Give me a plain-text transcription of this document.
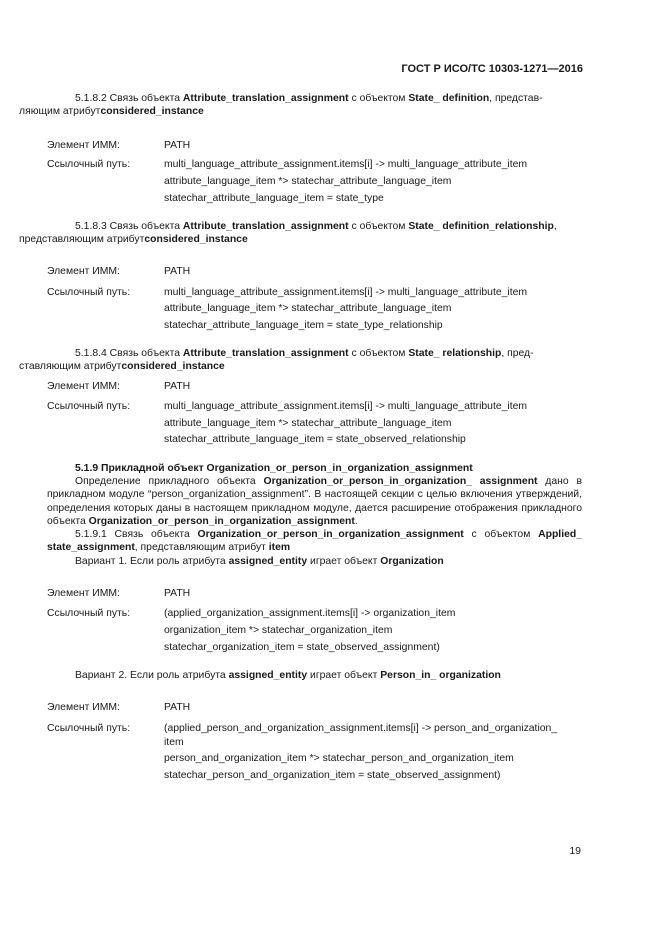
ГОСТ Р ИСО/ТС 10303-1271—2016
5.1.8.2 Связь объекта Attribute_translation_assignment с объектом State_ definition, представ-
ляющим атрибутconsidered_instance
Элемент ИММ:	PATH
Ссылочный путь:	multi_language_attribute_assignment.items[i] -> multi_language_attribute_item
attribute_language_item *> statechar_attribute_language_item
statechar_attribute_language_item = state_type
5.1.8.3 Связь объекта Attribute_translation_assignment с объектом State_ definition_relationship,
представляющим атрибутconsidered_instance
Элемент ИММ:	PATH
Ссылочный путь:	multi_language_attribute_assignment.items[i] -> multi_language_attribute_item
attribute_language_item *> statechar_attribute_language_item
statechar_attribute_language_item = state_type_relationship
5.1.8.4 Связь объекта Attribute_translation_assignment с объектом State_ relationship, пред-
ставляющим атрибутconsidered_instance
Элемент ИММ:	PATH
Ссылочный путь:	multi_language_attribute_assignment.items[i] -> multi_language_attribute_item
attribute_language_item *> statechar_attribute_language_item
statechar_attribute_language_item = state_observed_relationship
5.1.9 Прикладной объект Organization_or_person_in_organization_assignment
Определение прикладного объекта Organization_or_person_in_organization_ assignment дано в прикладном модуле “person_organization_assignment”. В настоящей секции с целью включения утверждений, определения которых даны в настоящем прикладном модуле, дается расширение отображения прикладного объекта Organization_or_person_in_organization_assignment.
5.1.9.1 Связь объекта Organization_or_person_in_organization_assignment с объектом Applied_ state_assignment, представляющим атрибут item
Вариант 1. Если роль атрибута assigned_entity играет объект Organization
Элемент ИММ:	PATH
Ссылочный путь:	(applied_organization_assignment.items[i] -> organization_item
organization_item *> statechar_organization_item
statechar_organization_item = state_observed_assignment)
Вариант 2. Если роль атрибута assigned_entity играет объект Person_in_ organization
Элемент ИММ:	PATH
Ссылочный путь:	(applied_person_and_organization_assignment.items[i] -> person_and_organization_
item
person_and_organization_item *> statechar_person_and_organization_item
statechar_person_and_organization_item = state_observed_assignment)
19
